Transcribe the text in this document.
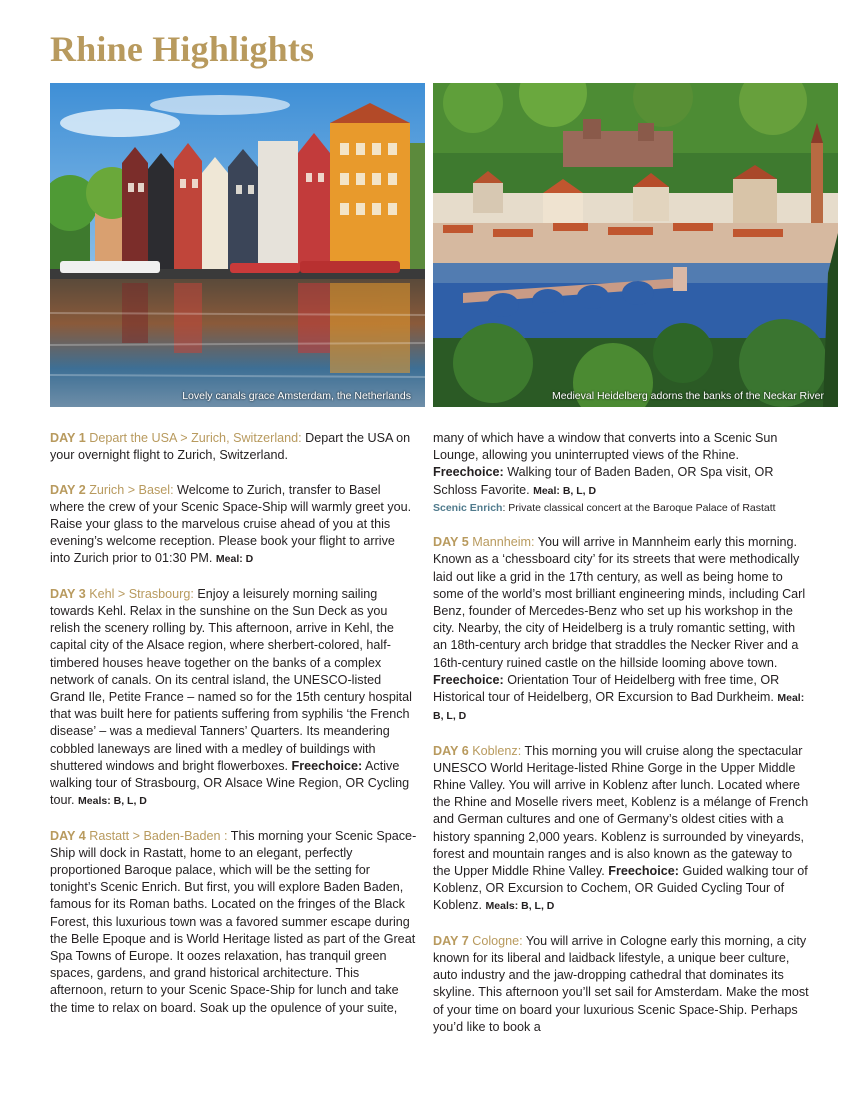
Rhine Highlights
Lovely canals grace Amsterdam, the Netherlands	Medieval Heidelberg adorns the banks of the Neckar River

DAY 1 Depart the USA > Zurich, Switzerland: Depart the USA on your overnight flight to Zurich, Switzerland.

DAY 2 Zurich > Basel: Welcome to Zurich, transfer to Basel where the crew of your Scenic Space-Ship will warmly greet you. Raise your glass to the marvelous cruise ahead of you at this evening’s welcome reception. Please book your flight to arrive into Zurich prior to 01:30 PM. Meal: D

DAY 3 Kehl > Strasbourg: Enjoy a leisurely morning sailing towards Kehl. Relax in the sunshine on the Sun Deck as you relish the scenery rolling by. This afternoon, arrive in Kehl, the capital city of the Alsace region, where sherbert-colored, half-timbered houses heave together on the banks of a complex network of canals. On its central island, the UNESCO-listed Grand Ile, Petite France – named so for the 15th century hospital that was built here for patients suffering from syphilis ‘the French disease’ – was a medieval Tanners’ Quarters. Its meandering cobbled laneways are lined with a medley of buildings with shuttered windows and bright flowerboxes. Freechoice: Active walking tour of Strasbourg, OR Alsace Wine Region, OR Cycling tour. Meals: B, L, D

DAY 4 Rastatt > Baden-Baden : This morning your Scenic Space-Ship will dock in Rastatt, home to an elegant, perfectly proportioned Baroque palace, which will be the setting for tonight’s Scenic Enrich. But first, you will explore Baden Baden, famous for its Roman baths. Located on the fringes of the Black Forest, this luxurious town was a favored summer escape during the Belle Epoque and is World Heritage listed as part of the Great Spa Towns of Europe. It oozes relaxation, has tranquil green spaces, gardens, and grand historical architecture. This afternoon, return to your Scenic Space-Ship for lunch and take the time to relax on board. Soak up the opulence of your suite,

many of which have a window that converts into a Scenic Sun Lounge, allowing you uninterrupted views of the Rhine. Freechoice: Walking tour of Baden Baden, OR Spa visit, OR Schloss Favorite. Meal: B, L, D

Scenic Enrich: Private classical concert at the Baroque Palace of Rastatt

DAY 5 Mannheim: You will arrive in Mannheim early this morning. Known as a ‘chessboard city’ for its streets that were methodically laid out like a grid in the 17th century, as well as being home to some of the world’s most brilliant engineering minds, including Carl Benz, founder of Mercedes-Benz who set up his workshop in the city. Nearby, the city of Heidelberg is a truly romantic setting, with an 18th-century arch bridge that straddles the Necker River and a 16th-century ruined castle on the hillside looming above town. Freechoice: Orientation Tour of Heidelberg with free time, OR Historical tour of Heidelberg, OR Excursion to Bad Durkheim. Meal: B, L, D

DAY 6 Koblenz: This morning you will cruise along the spectacular UNESCO World Heritage-listed Rhine Gorge in the Upper Middle Rhine Valley. You will arrive in Koblenz after lunch. Located where the Rhine and Moselle rivers meet, Koblenz is a mélange of French and German cultures and one of Germany’s oldest cities with a history spanning 2,000 years. Koblenz is surrounded by vineyards, forest and mountain ranges and is also known as the gateway to the Upper Middle Rhine Valley. Freechoice: Guided walking tour of Koblenz, OR Excursion to Cochem, OR Guided Cycling Tour of Koblenz. Meals: B, L, D

DAY 7 Cologne: You will arrive in Cologne early this morning, a city known for its liberal and laidback lifestyle, a unique beer culture, auto industry and the jaw-dropping cathedral that dominates its skyline. This afternoon you’ll set sail for Amsterdam. Make the most of your time on board your luxurious Scenic Space-Ship. Perhaps you’d like to book a
